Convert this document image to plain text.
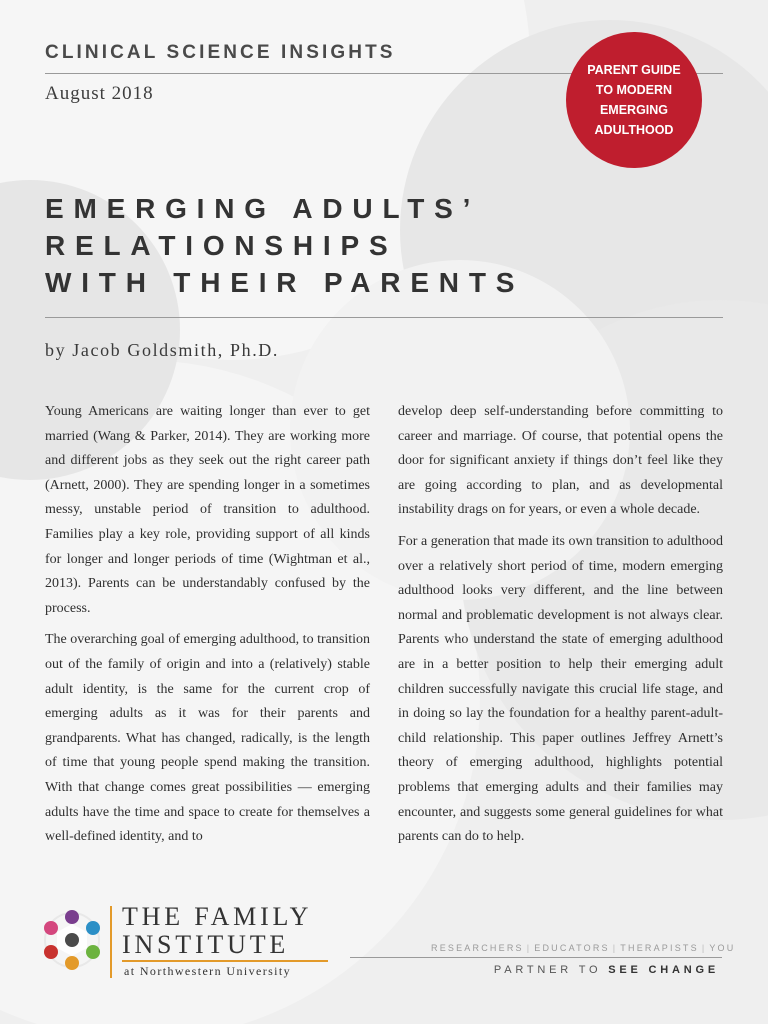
CLINICAL SCIENCE INSIGHTS
August 2018
PARENT GUIDE
TO MODERN
EMERGING
ADULTHOOD
EMERGING ADULTS’
RELATIONSHIPS
WITH THEIR PARENTS
by Jacob Goldsmith, Ph.D.

Young Americans are waiting longer than ever to get married (Wang & Parker, 2014). They are working more and different jobs as they seek out the right career path (Arnett, 2000). They are spending longer in a sometimes messy, unstable period of transition to adulthood. Families play a key role, providing support of all kinds for longer and longer periods of time (Wightman et al., 2013). Parents can be understandably confused by the process.

The overarching goal of emerging adulthood, to transition out of the family of origin and into a (relatively) stable adult identity, is the same for the current crop of emerging adults as it was for their parents and grandparents. What has changed, radically, is the length of time that young people spend making the transition. With that change comes great possibilities — emerging adults have the time and space to create for themselves a well-defined identity, and to

develop deep self-understanding before committing to career and marriage. Of course, that potential opens the door for significant anxiety if things don’t feel like they are going according to plan, and as developmental instability drags on for years, or even a whole decade.

For a generation that made its own transition to adulthood over a relatively short period of time, modern emerging adulthood looks very different, and the line between normal and problematic development is not always clear. Parents who understand the state of emerging adulthood are in a better position to help their emerging adult children successfully navigate this crucial life stage, and in doing so lay the foundation for a healthy parent-adult-child relationship. This paper outlines Jeffrey Arnett’s theory of emerging adulthood, highlights potential problems that emerging adults and their families may encounter, and suggests some general guidelines for what parents can do to help.

THE FAMILY
INSTITUTE
at Northwestern University
RESEARCHERS | EDUCATORS | THERAPISTS | YOU
PARTNER TO SEE CHANGE
